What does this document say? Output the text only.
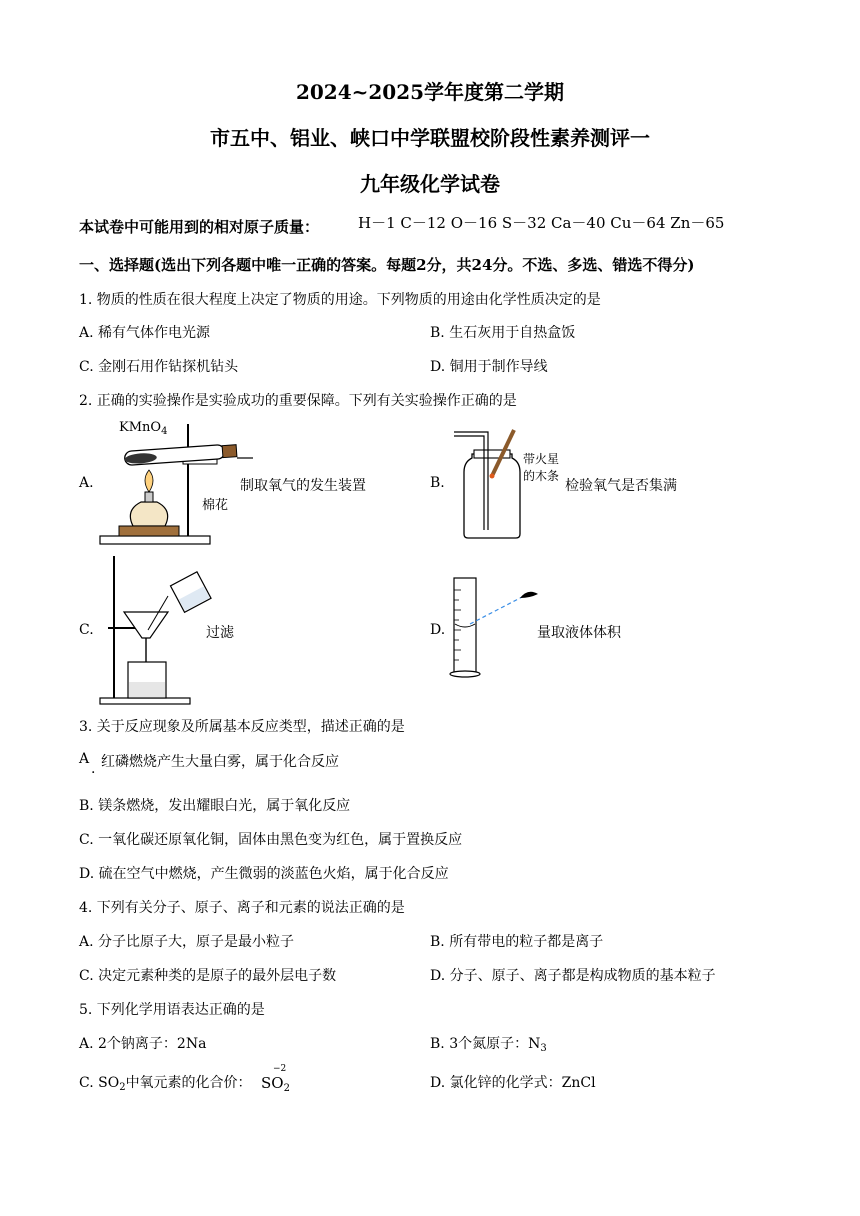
2024~2025学年度第二学期
市五中、铝业、峡口中学联盟校阶段性素养测评一
九年级化学试卷
本试卷中可能用到的相对原子质量：	H－1 C－12 O－16 S－32 Ca－40 Cu－64 Zn－65
一、选择题(选出下列各题中唯一正确的答案。每题2分，共24分。不选、多选、错选不得分)
1. 物质的性质在很大程度上决定了物质的用途。下列物质的用途由化学性质决定的是
A. 稀有气体作电光源	B. 生石灰用于自热盒饭
C. 金刚石用作钻探机钻头	D. 铜用于制作导线
2. 正确的实验操作是实验成功的重要保障。下列有关实验操作正确的是
A.
KMnO$_4$
棉花
制取氧气的发生装置	B.
带火星
的木条
检验氧气是否集满
C.	过滤	D.	量取液体体积
3. 关于反应现象及所属基本反应类型，描述正确的是
A
·
红磷燃烧产生大量白雾，属于化合反应
B. 镁条燃烧，发出耀眼白光，属于氧化反应
C. 一氧化碳还原氧化铜，固体由黑色变为红色，属于置换反应
D. 硫在空气中燃烧，产生微弱的淡蓝色火焰，属于化合反应
4. 下列有关分子、原子、离子和元素的说法正确的是
A. 分子比原子大，原子是最小粒子	B. 所有带电的粒子都是离子
C. 决定元素种类的是原子的最外层电子数	D. 分子、原子、离子都是构成物质的基本粒子
5. 下列化学用语表达正确的是
A. 2个钠离子：2Na	B. 3个氮原子：$N_3$
C. $SO_2$中氧元素的化合价：
−2
$SO_2$	D. 氯化锌的化学式：ZnCl
